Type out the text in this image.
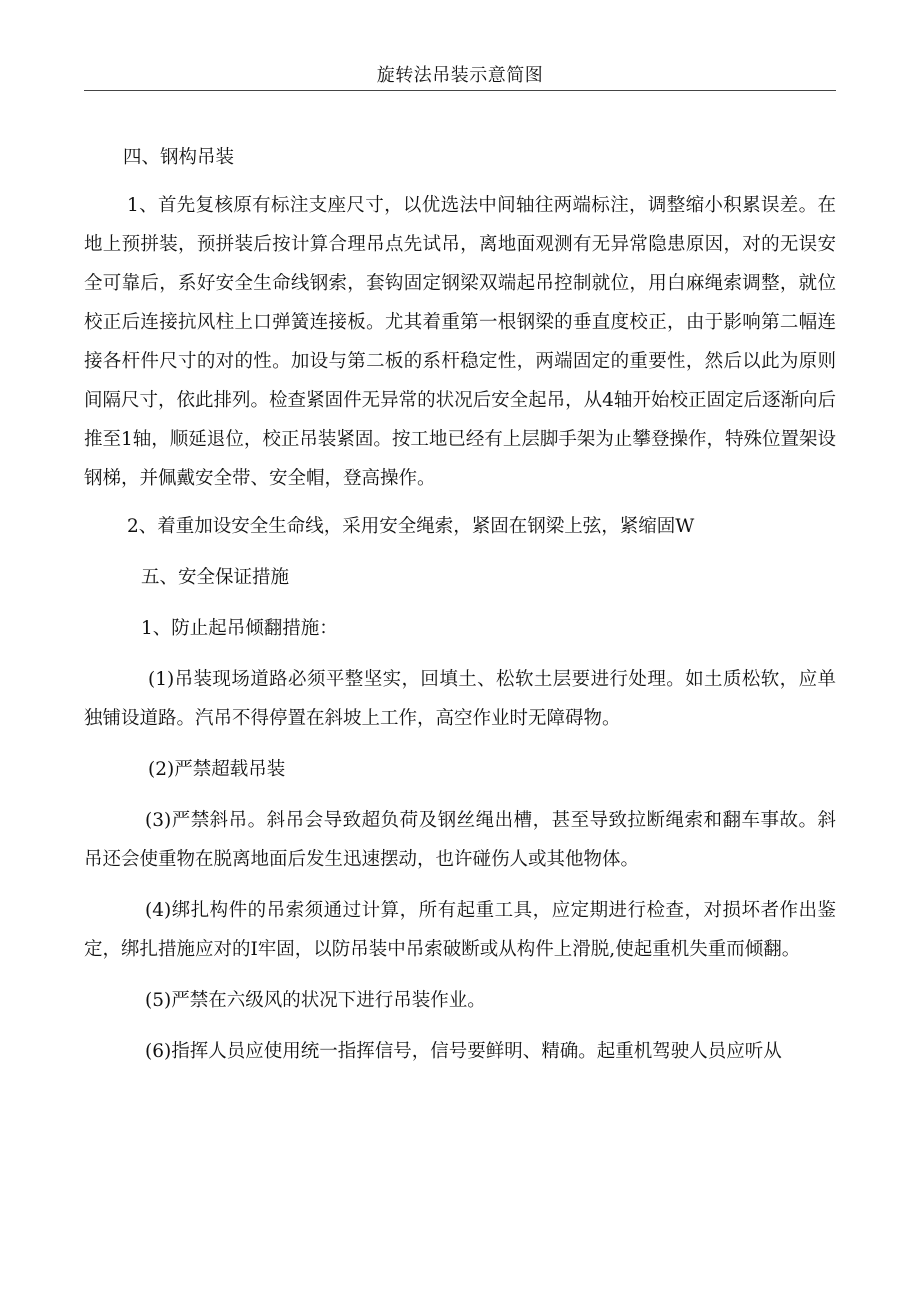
旋转法吊装示意简图

四、钢构吊装

1、首先复核原有标注支座尺寸，以优选法中间轴往两端标注，调整缩小积累误差。在地上预拼装，预拼装后按计算合理吊点先试吊，离地面观测有无异常隐患原因，对的无误安全可靠后，系好安全生命线钢索，套钩固定钢梁双端起吊控制就位，用白麻绳索调整，就位校正后连接抗风柱上口弹簧连接板。尤其着重第一根钢梁的垂直度校正，由于影响第二幅连接各杆件尺寸的对的性。加设与第二板的系杆稳定性，两端固定的重要性，然后以此为原则间隔尺寸，依此排列。检查紧固件无异常的状况后安全起吊，从4轴开始校正固定后逐渐向后推至1轴，顺延退位，校正吊装紧固。按工地已经有上层脚手架为止攀登操作，特殊位置架设钢梯，并佩戴安全带、安全帽，登高操作。

2、着重加设安全生命线，采用安全绳索，紧固在钢梁上弦，紧缩固W

五、安全保证措施

1、防止起吊倾翻措施：

(1)吊装现场道路必须平整坚实，回填土、松软土层要进行处理。如土质松软，应单独铺设道路。汽吊不得停置在斜坡上工作，高空作业时无障碍物。

(2)严禁超载吊装

(3)严禁斜吊。斜吊会导致超负荷及钢丝绳出槽，甚至导致拉断绳索和翻车事故。斜吊还会使重物在脱离地面后发生迅速摆动，也许碰伤人或其他物体。

(4)绑扎构件的吊索须通过计算，所有起重工具，应定期进行检查，对损坏者作出鉴定，绑扎措施应对的I牢固，以防吊装中吊索破断或从构件上滑脱,使起重机失重而倾翻。

(5)严禁在六级风的状况下进行吊装作业。

(6)指挥人员应使用统一指挥信号，信号要鲜明、精确。起重机驾驶人员应听从
